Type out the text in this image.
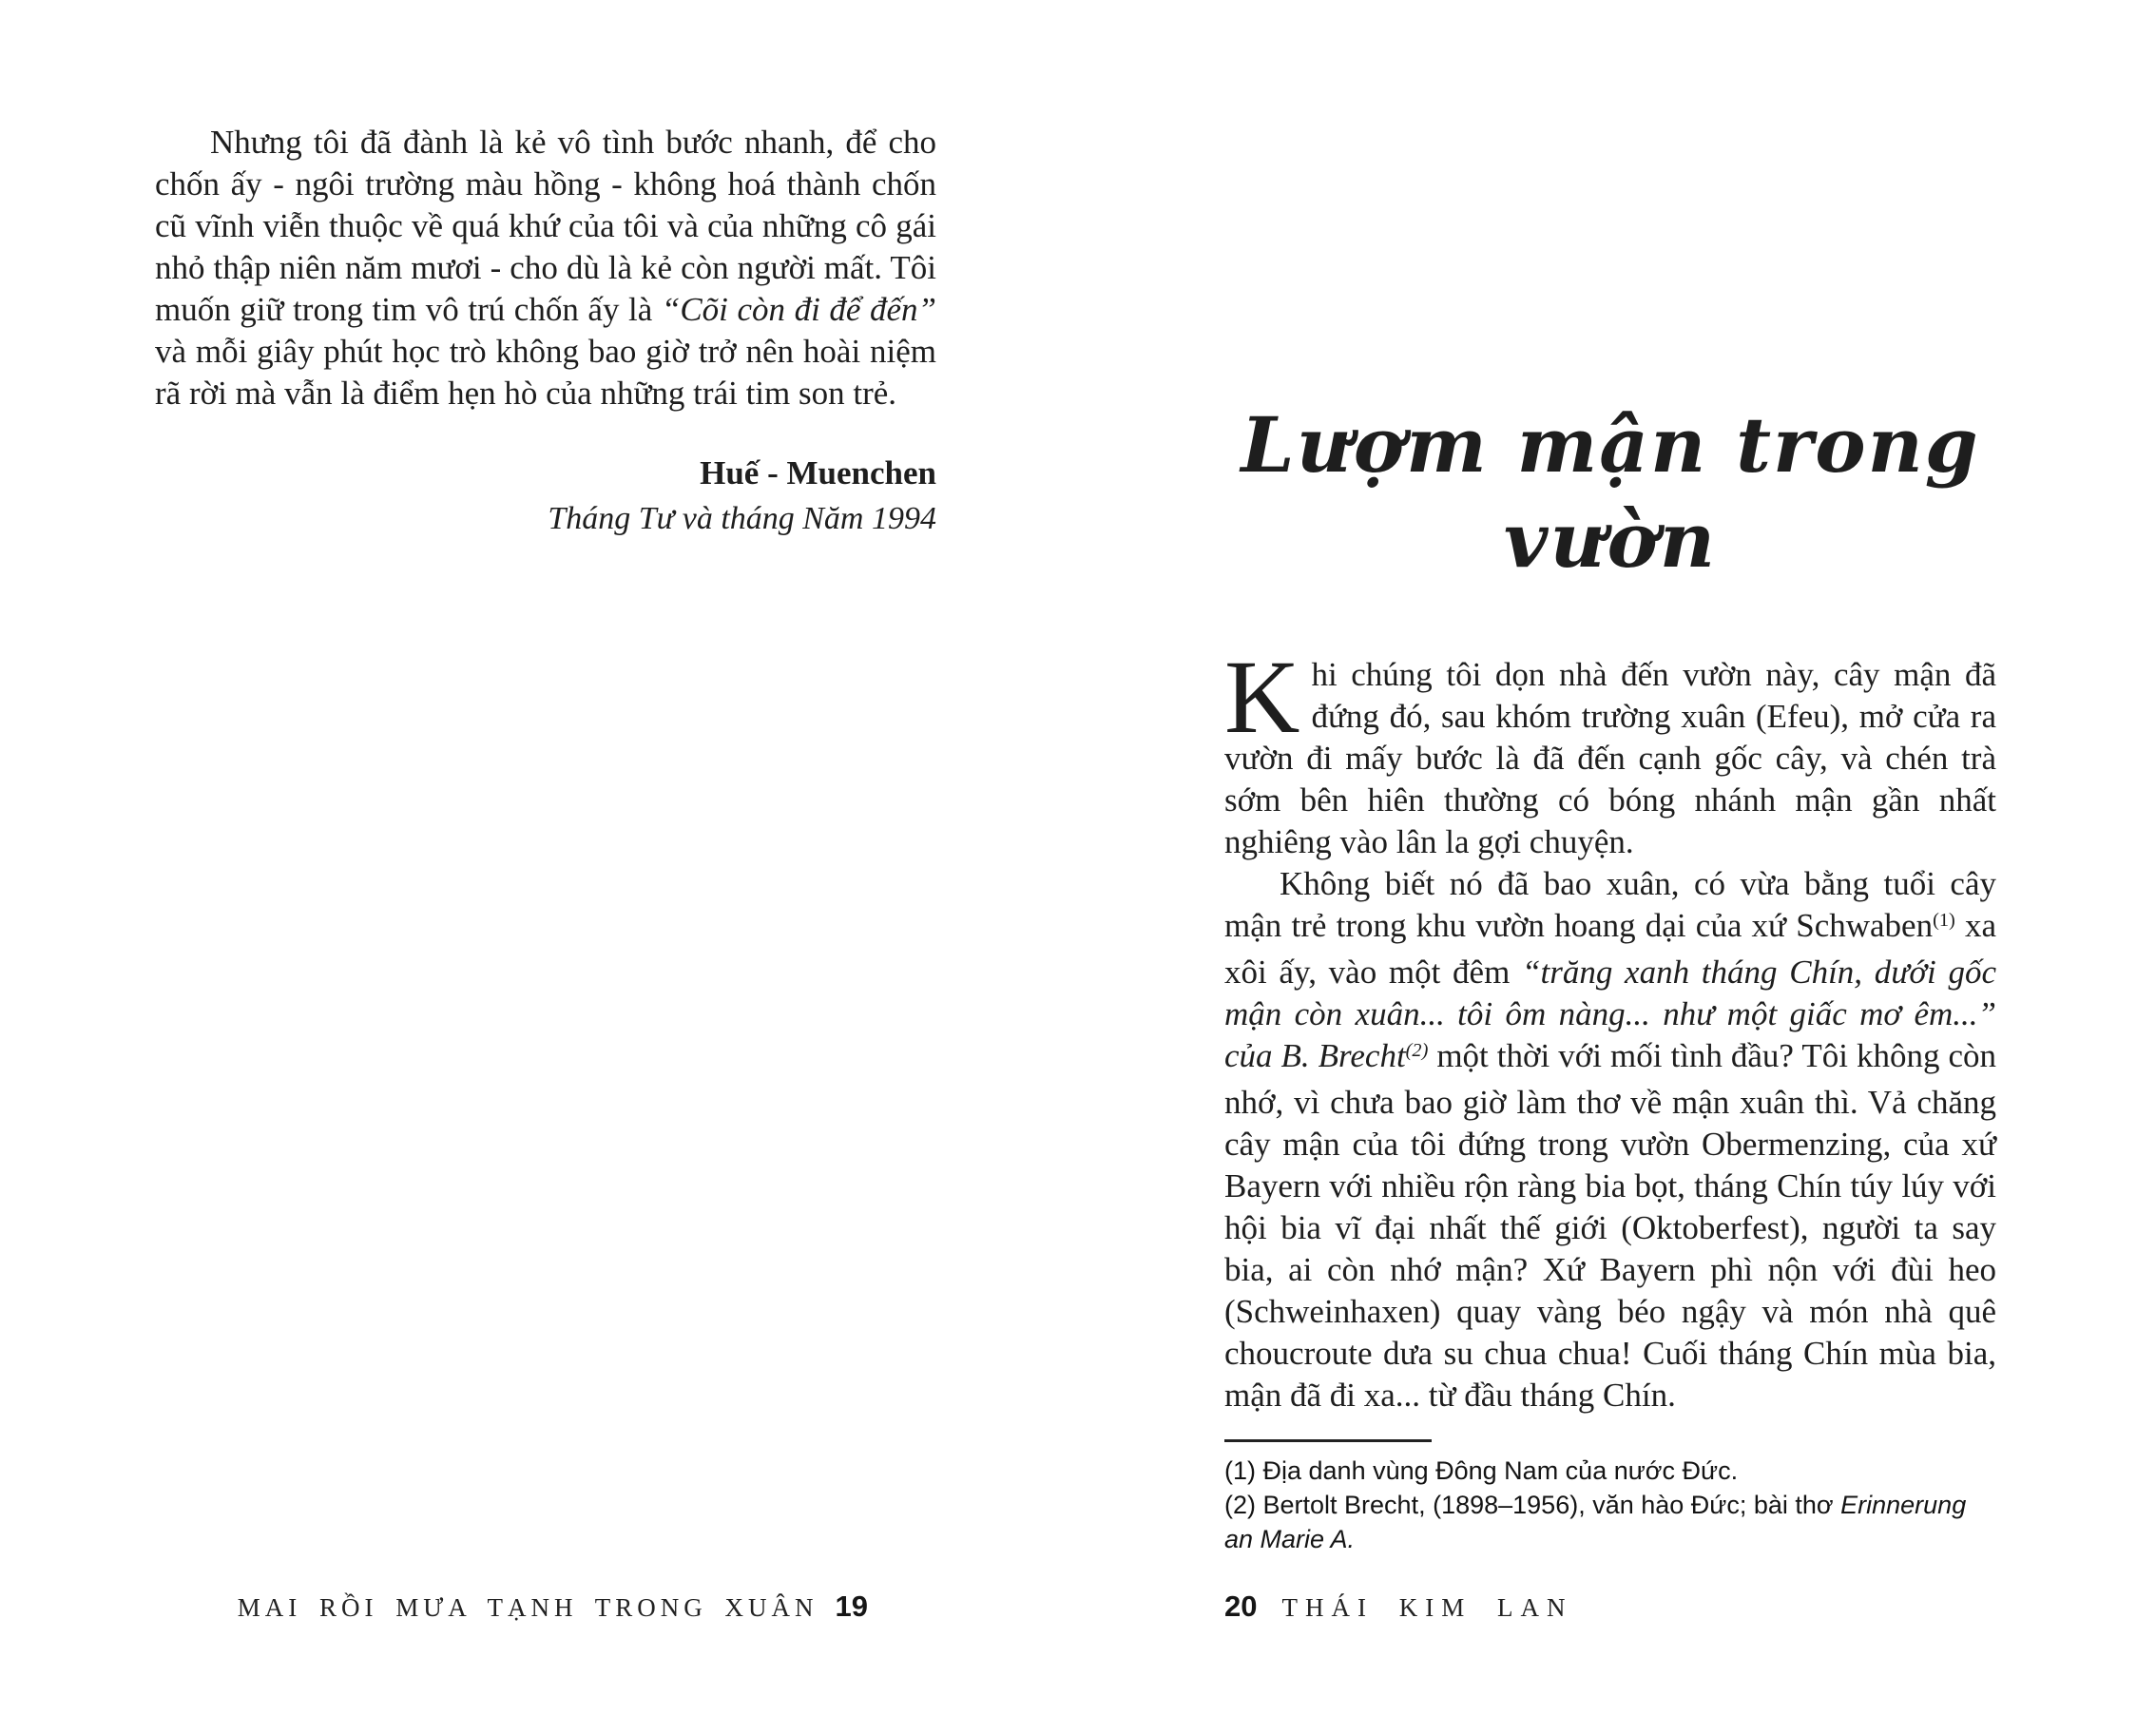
Nhưng tôi đã đành là kẻ vô tình bước nhanh, để cho chốn ấy - ngôi trường màu hồng - không hoá thành chốn cũ vĩnh viễn thuộc về quá khứ của tôi và của những cô gái nhỏ thập niên năm mươi - cho dù là kẻ còn người mất. Tôi muốn giữ trong tim vô trú chốn ấy là “Cõi còn đi để đến” và mỗi giây phút học trò không bao giờ trở nên hoài niệm rã rời mà vẫn là điểm hẹn hò của những trái tim son trẻ.

Huế - Muenchen
Tháng Tư và tháng Năm 1994
MAI RỒI MƯA TẠNH TRONG XUÂN 19
Lượm mận trong vườn

Khi chúng tôi dọn nhà đến vườn này, cây mận đã đứng đó, sau khóm trường xuân (Efeu), mở cửa ra vườn đi mấy bước là đã đến cạnh gốc cây, và chén trà sớm bên hiên thường có bóng nhánh mận gần nhất nghiêng vào lân la gợi chuyện.

Không biết nó đã bao xuân, có vừa bằng tuổi cây mận trẻ trong khu vườn hoang dại của xứ Schwaben$^{(1)}$ xa xôi ấy, vào một đêm “trăng xanh tháng Chín, dưới gốc mận còn xuân... tôi ôm nàng... như một giấc mơ êm...” của B. Brecht$^{(2)}$ một thời với mối tình đầu? Tôi không còn nhớ, vì chưa bao giờ làm thơ về mận xuân thì. Vả chăng cây mận của tôi đứng trong vườn Obermenzing, của xứ Bayern với nhiều rộn ràng bia bọt, tháng Chín túy lúy với hội bia vĩ đại nhất thế giới (Oktoberfest), người ta say bia, ai còn nhớ mận? Xứ Bayern phì nộn với đùi heo (Schweinhaxen) quay vàng béo ngậy và món nhà quê choucroute dưa su chua chua! Cuối tháng Chín mùa bia, mận đã đi xa... từ đầu tháng Chín.

(1) Địa danh vùng Đông Nam của nước Đức.

(2) Bertolt Brecht, (1898–1956), văn hào Đức; bài thơ Erinnerung an Marie A.

20 THÁI KIM LAN
